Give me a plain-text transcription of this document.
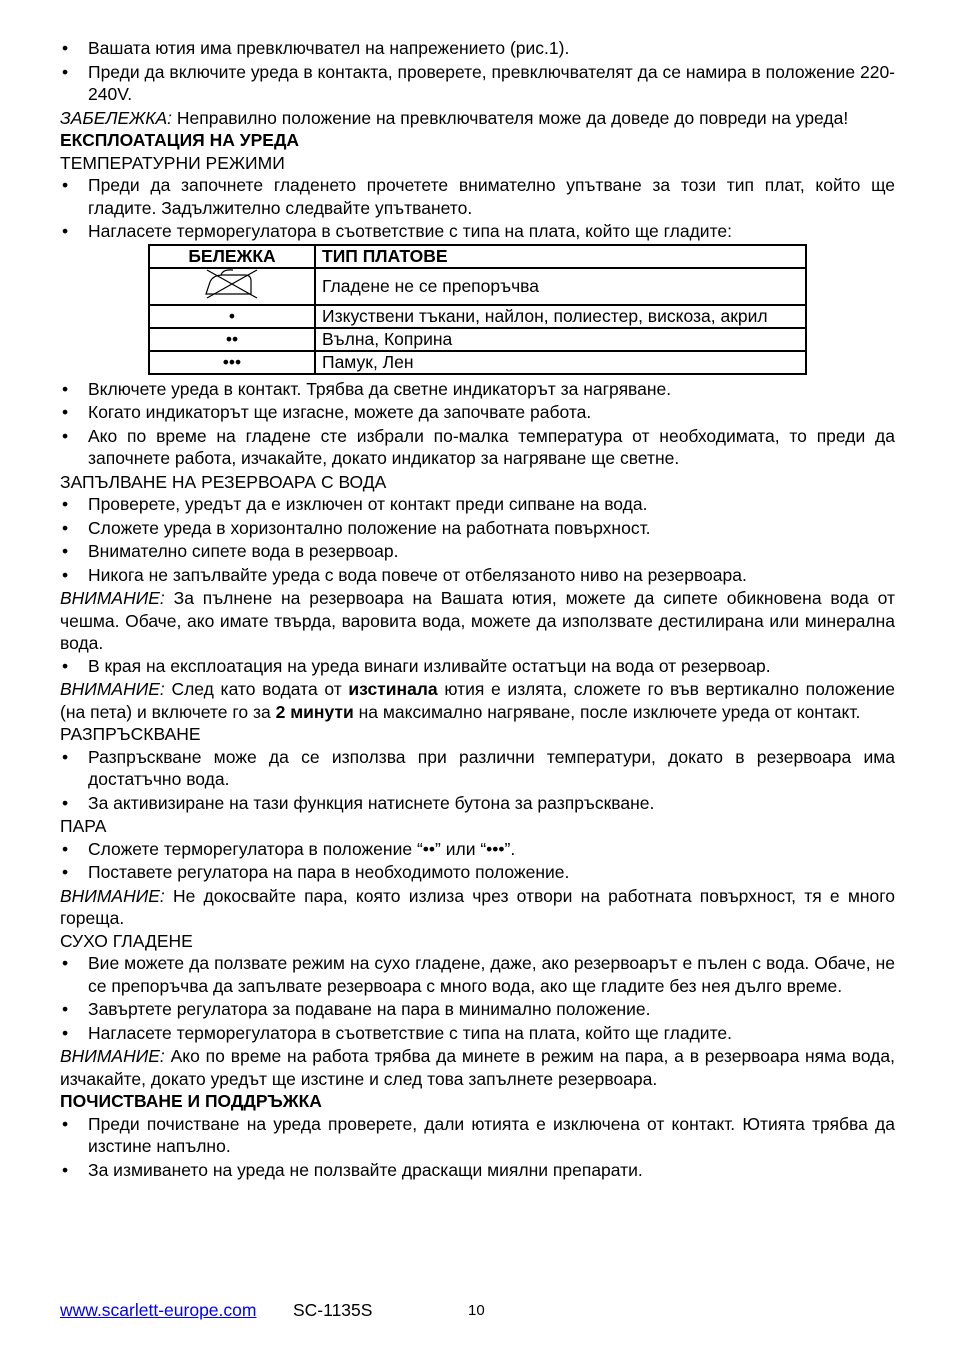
• Вашата ютия има превключвател на напрежението (рис.1).

• Преди да включите уреда в контакта, проверете, превключвателят да се намира в положение 220-240V.

ЗАБЕЛЕЖКА: Неправилно положение на превключвателя може да доведе до повреди на уреда!

ЕКСПЛОАТАЦИЯ НА УРЕДА

ТЕМПЕРАТУРНИ РЕЖИМИ

• Преди да започнете гладенето прочетете внимателно упътване за този тип плат, който ще гладите. Задължително следвайте упътването.

• Нагласете терморегулатора в съответствие с типа на плата, който ще гладите:

БЕЛЕЖКА	ТИП ПЛАТОВЕ
	Гладене не се препоръчва
•	Изкуствени тъкани, найлон, полиестер, вискоза, акрил
••	Вълна, Коприна
•••	Памук, Лен

• Включете уреда в контакт. Трябва да светне индикаторът за нагряване.

• Когато индикаторът ще изгасне, можете да започвате работа.

• Ако по време на гладене сте избрали по-малка температура от необходимата, то преди да започнете работа, изчакайте, докато индикатор за нагряване ще светне.

ЗАПЪЛВАНЕ НА РЕЗЕРВОАРА С ВОДА

• Проверете, уредът да е изключен от контакт преди сипване на вода.

• Сложете уреда в хоризонтално положение на работната повърхност.

• Внимателно сипете вода в резервоар.

• Никога не запълвайте уреда с вода повече от отбелязаното ниво на резервоара.

ВНИМАНИЕ: За пълнене на резервоара на Вашата ютия, можете да сипете обикновена вода от чешма. Обаче, ако имате твърда, варовита вода, можете да използвате дестилирана или минерална вода.

• В края на експлоатация на уреда винаги изливайте остатъци на вода от резервоар.

ВНИМАНИЕ: След като водата от изстинала ютия е излята, сложете го във вертикално положение (на пета) и включете го за 2 минути на максимално нагряване, после изключете уреда от контакт.

РАЗПРЪСКВАНЕ

• Разпръскване може да се използва при различни температури, докато в резервоара има достатъчно вода.

• За активизиране на тази функция натиснете бутона за разпръскване.

ПАРА

• Сложете терморегулатора в положение “••” или “•••”.

• Поставете регулатора на пара в необходимото положение.

ВНИМАНИЕ: Не докосвайте пара, която излиза чрез отвори на работната повърхност, тя е много гореща.

СУХО ГЛАДЕНЕ

• Вие можете да ползвате режим на сухо гладене, даже, ако резервоарът е пълен с вода. Обаче, не се препоръчва да запълвате резервоара с много вода, ако ще гладите без нея дълго време.

• Завъртете регулатора за подаване на пара в минимално положение.

• Нагласете терморегулатора в съответствие с типа на плата, който ще гладите.

ВНИМАНИЕ: Ако по време на работа трябва да минете в режим на пара, а в резервоара няма вода, изчакайте, докато уредът ще изстине и след това запълнете резервоара.

ПОЧИСТВАНЕ И ПОДДРЪЖКА

• Преди почистване на уреда проверете, дали ютията е изключена от контакт. Ютията трябва да изстине напълно.

• За измиването на уреда не ползвайте драскащи миялни препарати.

www.scarlett-europe.com SC-1135S	10
